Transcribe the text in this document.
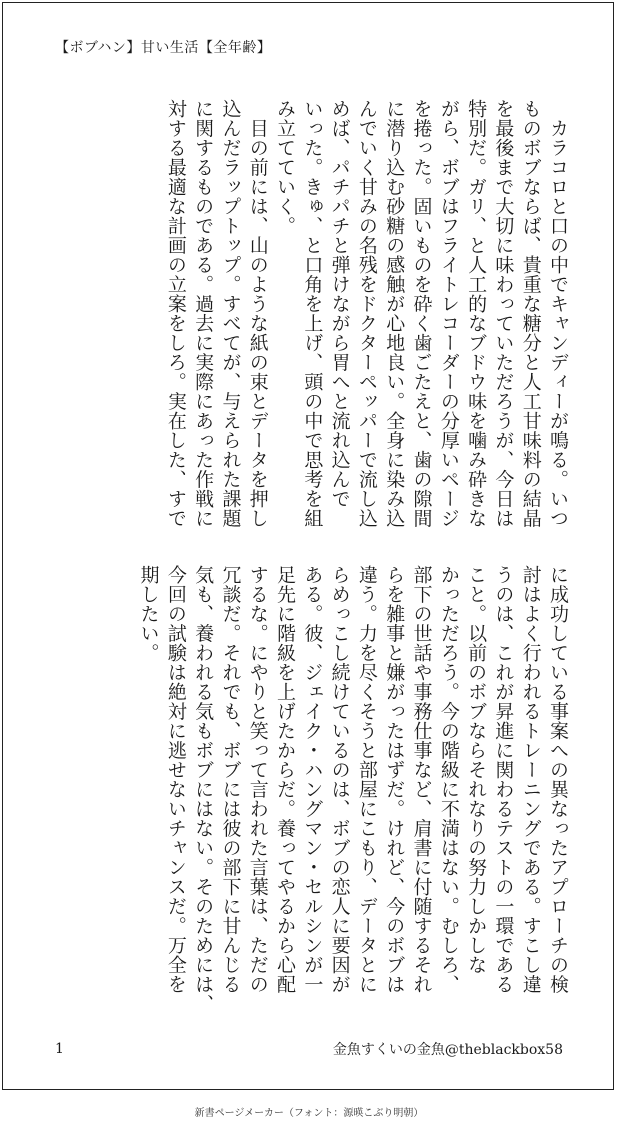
【ボブハン】甘い生活【全年齢】
　カラコロと口の中でキャンディーが鳴る。いつ
ものボブならば、貴重な糖分と人工甘味料の結晶
を最後まで大切に味わっていただろうが、今日は
特別だ。ガリ、と人工的なブドウ味を噛み砕きな
がら、ボブはフライトレコーダーの分厚いページ
を捲った。固いものを砕く歯ごたえと、歯の隙間
に潜り込む砂糖の感触が心地良い。全身に染み込
んでいく甘みの名残をドクターペッパーで流し込
めば、パチパチと弾けながら胃へと流れ込んで
いった。きゅ、と口角を上げ、頭の中で思考を組
み立てていく。
　目の前には、山のような紙の束とデータを押し
込んだラップトップ。すべてが、与えられた課題
に関するものである。過去に実際にあった作戦に
対する最適な計画の立案をしろ。実在した、すで
に成功している事案への異なったアプローチの検
討はよく行われるトレーニングである。すこし違
うのは、これが昇進に関わるテストの一環である
こと。以前のボブならそれなりの努力しかしな
かっただろう。今の階級に不満はない。むしろ、
部下の世話や事務仕事など、肩書に付随するそれ
らを雑事と嫌がったはずだ。けれど、今のボブは
違う。力を尽くそうと部屋にこもり、データとに
らめっこし続けているのは、ボブの恋人に要因が
ある。彼、ジェイク・ハングマン・セルシンが一
足先に階級を上げたからだ。養ってやるから心配
するな。にやりと笑って言われた言葉は、ただの
冗談だ。それでも、ボブには彼の部下に甘んじる
気も、養われる気もボブにはない。そのためには、
今回の試験は絶対に逃せないチャンスだ。万全を
期したい。
1	金魚すくいの金魚@theblackbox58
新書ページメーカー（フォント：源暎こぶり明朝）
